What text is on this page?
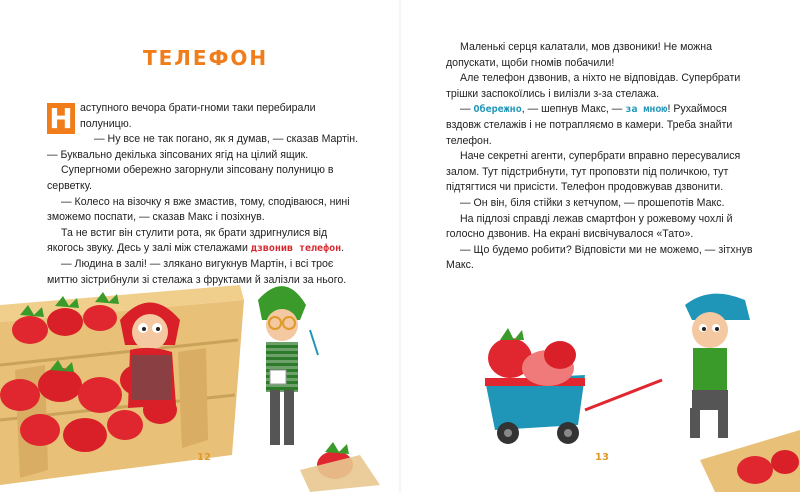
ТЕЛЕФОН

Н аступного вечора брати-гноми таки перебирали полуницю.

— Ну все не так погано, як я думав, — сказав Мартін. — Буквально декілька зіпсованих ягід на цілий ящик.

Супергноми обережно загорнули зіпсовану полуницю в серветку.

— Колесо на візочку я вже змастив, тому, сподіваюся, нині зможемо поспати, — сказав Макс і позіхнув.

Та не встиг він стулити рота, як брати здригнулися від якогось звуку. Десь у залі між стелажами дзвонив телефон.

— Людина в залі! — злякано вигукнув Мартін, і всі троє миттю зістрибнули зі стелажа з фруктами й залізли за нього.

12

Маленькі серця калатали, мов дзвоники! Не можна допускати, щоби гномів побачили!

Але телефон дзвонив, а ніхто не відповідав. Супербрати трішки заспокоїлись і вилізли з-за стелажа.

— Обережно, — шепнув Макс, — за мною! Рухаймося вздовж стелажів і не потрапляємо в камери. Треба знайти телефон.

Наче секретні агенти, супербрати вправно пересувалися залом. Тут підстрибнути, тут проповзти під поличкою, тут підтягтися чи присісти. Телефон продовжував дзвонити.

— Он він, біля стійки з кетчупом, — прошепотів Макс.

На підлозі справді лежав смартфон у рожевому чохлі й голосно дзвонив. На екрані висвічувалося «Тато».

— Що будемо робити? Відповісти ми не можемо, — зітхнув Макс.

13
